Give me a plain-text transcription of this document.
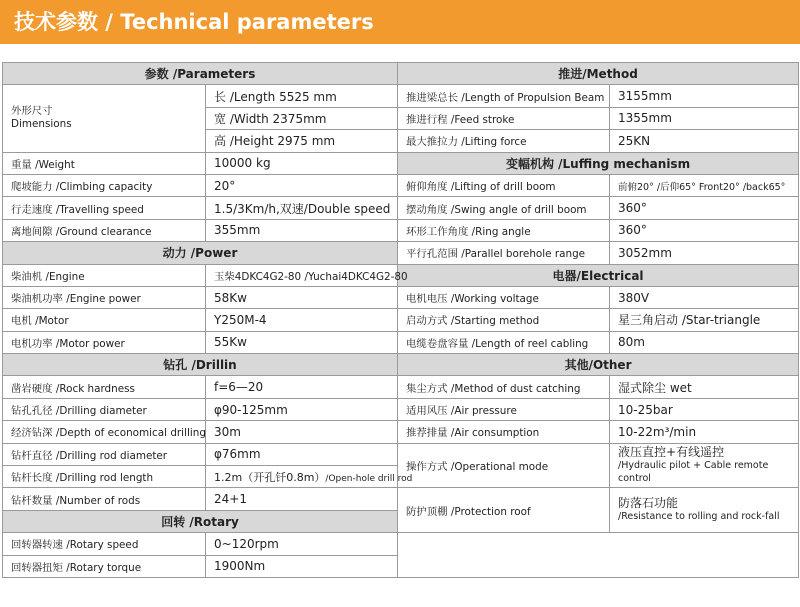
技术参数 / Technical parameters
参数 /Parameters		推进/Method	

外形尺寸
Dimensions	长 /Length 5525 mm	推进梁总长 /Length of Propulsion Beam	3155mm
	宽 /Width 2375mm	推进行程 /Feed stroke	1355mm
	高 /Height 2975 mm	最大推拉力 /Lifting force	25KN
重量 /Weight	10000 kg	变幅机构 /Luffing mechanism	
爬坡能力 /Climbing capacity	20°	俯仰角度 /Lifting of drill boom	前俯20° /后仰65° Front20° /back65°
行走速度 /Travelling speed	1.5/3Km/h,双速/Double speed	摆动角度 /Swing angle of drill boom	360°
离地间隙 /Ground clearance	355mm	环形工作角度 /Ring angle	360°
动力 /Power		平行孔范围 /Parallel borehole range	3052mm
柴油机 /Engine	玉柴4DKC4G2-80 /Yuchai4DKC4G2-80	电器/Electrical	
柴油机功率 /Engine power	58Kw	电机电压 /Working voltage	380V
电机 /Motor	Y250M-4	启动方式 /Starting method	星三角启动 /Star-triangle
电机功率 /Motor power	55Kw	电缆卷盘容量 /Length of reel cabling	80m
钻孔 /Drillin		其他/Other	
凿岩硬度 /Rock hardness	f=6—20	集尘方式 /Method of dust catching	湿式除尘 wet
钻孔孔径 /Drilling diameter	φ90-125mm	适用风压 /Air pressure	10-25bar
经济钻深 /Depth of economical drilling	30m	推荐排量 /Air consumption	10-22m³/min
钻杆直径 /Drilling rod diameter	φ76mm	操作方式 /Operational mode	液压直控+有线遥控
/Hydraulic pilot + Cable remote control

钻杆长度 /Drilling rod length	1.2m（开孔钎0.8m）/Open-hole drill rod		
钻杆数量 /Number of rods	24+1	防护顶棚 /Protection roof	防落石功能
/Resistance to rolling and rock-fall

回转 /Rotary			
回转器转速 /Rotary speed	0~120rpm		
回转器扭矩 /Rotary torque	1900Nm		
